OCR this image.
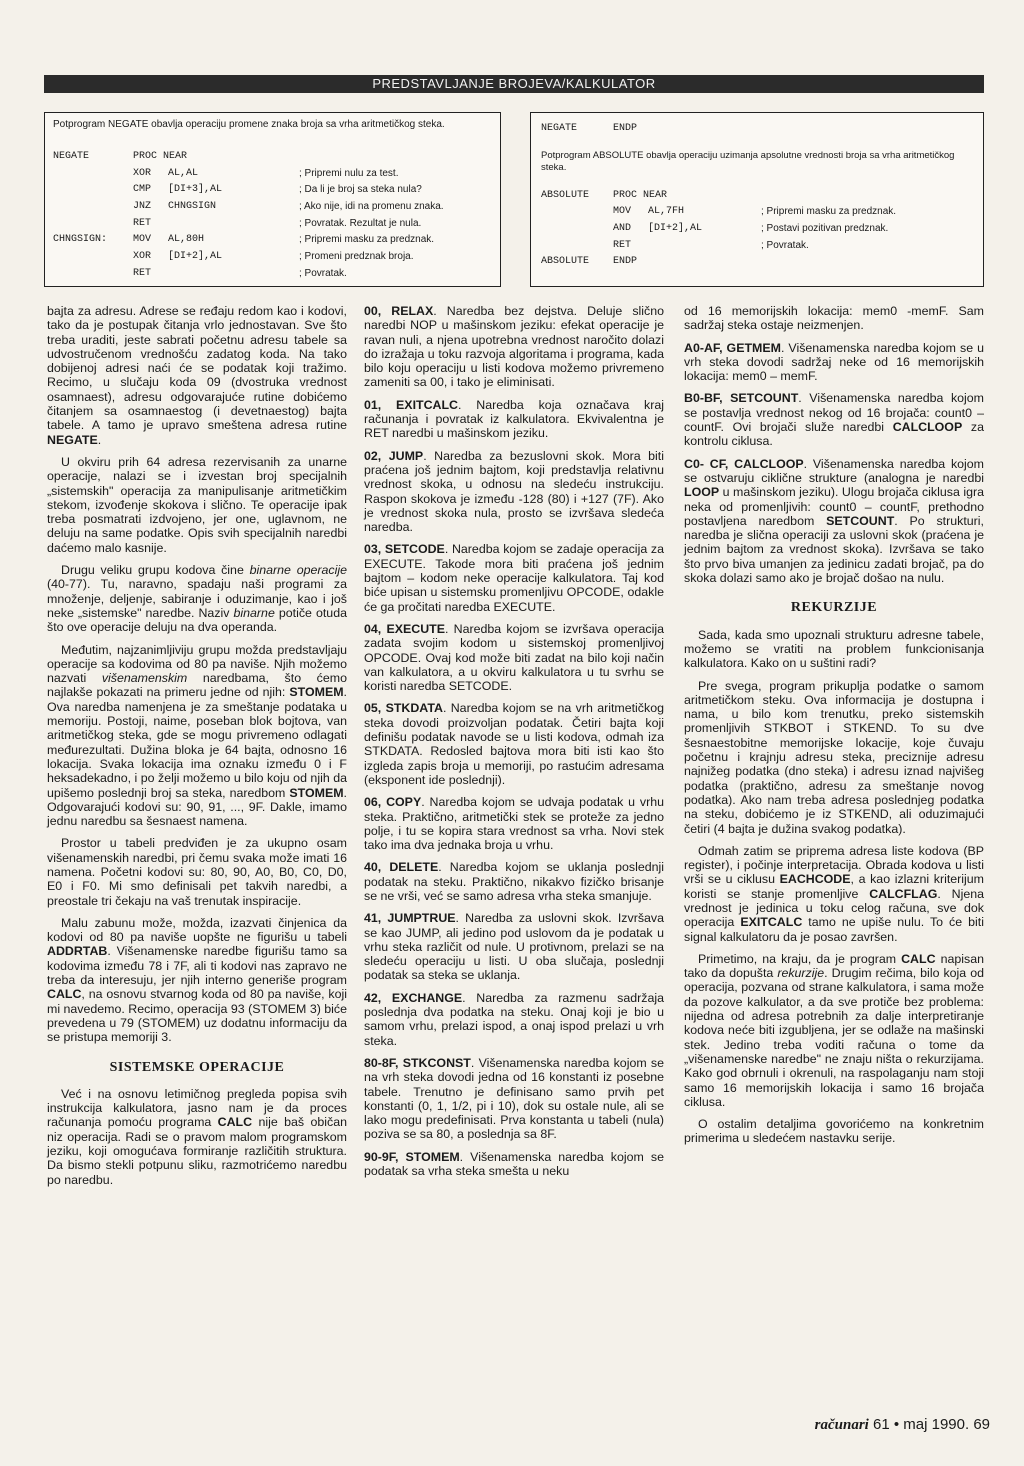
PREDSTAVLJANJE BROJEVA/KALKULATOR
Potprogram NEGATE obavlja operaciju promene znaka broja sa vrha aritmetičkog steka.
NEGATE	PROC NEAR
XOR AL,AL	; Pripremi nulu za test.
CMP [DI+3],AL	; Da li je broj sa steka nula?
JNZ CHNGSIGN	; Ako nije, idi na promenu znaka.
RET	; Povratak. Rezultat je nula.
CHNGSIGN:	MOV AL,80H	; Pripremi masku za predznak.
XOR [DI+2],AL	; Promeni predznak broja.
RET	; Povratak.
NEGATE	ENDP
Potprogram ABSOLUTE obavlja operaciju uzimanja apsolutne vrednosti broja sa vrha aritmetičkog steka.
ABSOLUTE PROC NEAR
MOV AL,7FH	; Pripremi masku za predznak.
AND [DI+2],AL	; Postavi pozitivan predznak.
RET	; Povratak.
ABSOLUTE ENDP

bajta za adresu. Adrese se ređaju redom kao i kodovi, tako da je postupak čitanja vrlo jednostavan. Sve što treba uraditi, jeste sabrati početnu adresu tabele sa udvostručenom vrednošću zadatog koda. Na tako dobijenoj adresi naći će se podatak koji tražimo. Recimo, u slučaju koda 09 (dvostruka vrednost osamnaest), adresu odgovarajuće rutine dobićemo čitanjem sa osamnaestog (i devetnaestog) bajta tabele. A tamo je upravo smeštena adresa rutine NEGATE.

U okviru prih 64 adresa rezervisanih za unarne operacije, nalazi se i izvestan broj specijalnih „sistemskih" operacija za manipulisanje aritmetičkim stekom, izvođenje skokova i slično. Te operacije ipak treba posmatrati izdvojeno, jer one, uglavnom, ne deluju na same podatke. Opis svih specijalnih naredbi daćemo malo kasnije.

Drugu veliku grupu kodova čine binarne operacije (40-77). Tu, naravno, spadaju naši programi za množenje, deljenje, sabiranje i oduzimanje, kao i još neke „sistemske" naredbe. Naziv binarne potiče otuda što ove operacije deluju na dva operanda.

Međutim, najzanimljiviju grupu možda predstavljaju operacije sa kodovima od 80 pa naviše. Njih možemo nazvati višenamenskim naredbama, što ćemo najlakše pokazati na primeru jedne od njih: STOMEM. Ova naredba namenjena je za smeštanje podataka u memoriju. Postoji, naime, poseban blok bojtova, van aritmetičkog steka, gde se mogu privremeno odlagati međurezultati. Dužina bloka je 64 bajta, odnosno 16 lokacija. Svaka lokacija ima oznaku između 0 i F heksadekadno, i po želji možemo u bilo koju od njih da upišemo poslednji broj sa steka, naredbom STOMEM. Odgovarajući kodovi su: 90, 91, ..., 9F. Dakle, imamo jednu naredbu sa šesnaest namena.

Prostor u tabeli predviđen je za ukupno osam višenamenskih naredbi, pri čemu svaka može imati 16 namena. Početni kodovi su: 80, 90, A0, B0, C0, D0, E0 i F0. Mi smo definisali pet takvih naredbi, a preostale tri čekaju na vaš trenutak inspiracije.

Malu zabunu može, možda, izazvati činjenica da kodovi od 80 pa naviše uopšte ne figurišu u tabeli ADDRTAB. Višenamenske naredbe figurišu tamo sa kodovima između 78 i 7F, ali ti kodovi nas zapravo ne treba da interesuju, jer njih interno generiše program CALC, na osnovu stvarnog koda od 80 pa naviše, koji mi navedemo. Recimo, operacija 93 (STOMEM 3) biće prevedena u 79 (STOMEM) uz dodatnu informaciju da se pristupa memoriji 3.

SISTEMSKE OPERACIJE

Već i na osnovu letimičnog pregleda popisa svih instrukcija kalkulatora, jasno nam je da proces računanja pomoću programa CALC nije baš običan niz operacija. Radi se o pravom malom programskom jeziku, koji omogućava formiranje različitih struktura. Da bismo stekli potpunu sliku, razmotrićemo naredbu po naredbu.

00, RELAX. Naredba bez dejstva. Deluje slično naredbi NOP u mašinskom jeziku: efekat operacije je ravan nuli, a njena upotrebna vrednost naročito dolazi do izražaja u toku razvoja algoritama i programa, kada bilo koju operaciju u listi kodova možemo privremeno zameniti sa 00, i tako je eliminisati.

01, EXITCALC. Naredba koja označava kraj računanja i povratak iz kalkulatora. Ekvivalentna je RET naredbi u mašinskom jeziku.

02, JUMP. Naredba za bezuslovni skok. Mora biti praćena još jednim bajtom, koji predstavlja relativnu vrednost skoka, u odnosu na sledeću instrukciju. Raspon skokova je između -128 (80) i +127 (7F). Ako je vrednost skoka nula, prosto se izvršava sledeća naredba.

03, SETCODE. Naredba kojom se zadaje operacija za EXECUTE. Takode mora biti praćena još jednim bajtom – kodom neke operacije kalkulatora. Taj kod biće upisan u sistemsku promenljivu OPCODE, odakle će ga pročitati naredba EXECUTE.

04, EXECUTE. Naredba kojom se izvršava operacija zadata svojim kodom u sistemskoj promenljivoj OPCODE. Ovaj kod može biti zadat na bilo koji način van kalkulatora, a u okviru kalkulatora u tu svrhu se koristi naredba SETCODE.

05, STKDATA. Naredba kojom se na vrh aritmetičkog steka dovodi proizvoljan podatak. Četiri bajta koji definišu podatak navode se u listi kodova, odmah iza STKDATA. Redosled bajtova mora biti isti kao što izgleda zapis broja u memoriji, po rastućim adresama (eksponent ide poslednji).

06, COPY. Naredba kojom se udvaja podatak u vrhu steka. Praktično, aritmetički stek se proteže za jedno polje, i tu se kopira stara vrednost sa vrha. Novi stek tako ima dva jednaka broja u vrhu.

40, DELETE. Naredba kojom se uklanja poslednji podatak na steku. Praktično, nikakvo fizičko brisanje se ne vrši, već se samo adresa vrha steka smanjuje.

41, JUMPTRUE. Naredba za uslovni skok. Izvršava se kao JUMP, ali jedino pod uslovom da je podatak u vrhu steka različit od nule. U protivnom, prelazi se na sledeću operaciju u listi. U oba slučaja, poslednji podatak sa steka se uklanja.

42, EXCHANGE. Naredba za razmenu sadržaja poslednja dva podatka na steku. Onaj koji je bio u samom vrhu, prelazi ispod, a onaj ispod prelazi u vrh steka.

80-8F, STKCONST. Višenamenska naredba kojom se na vrh steka dovodi jedna od 16 konstanti iz posebne tabele. Trenutno je definisano samo prvih pet konstanti (0, 1, 1/2, pi i 10), dok su ostale nule, ali se lako mogu predefinisati. Prva konstanta u tabeli (nula) poziva se sa 80, a poslednja sa 8F.

90-9F, STOMEM. Višenamenska naredba kojom se podatak sa vrha steka smešta u neku

od 16 memorijskih lokacija: mem0 -memF. Sam sadržaj steka ostaje neizmenjen.

A0-AF, GETMEM. Višenamenska naredba kojom se u vrh steka dovodi sadržaj neke od 16 memorijskih lokacija: mem0 – memF.

B0-BF, SETCOUNT. Višenamenska naredba kojom se postavlja vrednost nekog od 16 brojača: count0 – countF. Ovi brojači služe naredbi CALCLOOP za kontrolu ciklusa.

C0- CF, CALCLOOP. Višenamenska naredba kojom se ostvaruju ciklične strukture (analogna je naredbi LOOP u mašinskom jeziku). Ulogu brojača ciklusa igra neka od promenljivih: count0 – countF, prethodno postavljena naredbom SETCOUNT. Po strukturi, naredba je slična operaciji za uslovni skok (praćena je jednim bajtom za vrednost skoka). Izvršava se tako što prvo biva umanjen za jedinicu zadati brojač, pa do skoka dolazi samo ako je brojač došao na nulu.

REKURZIJE

Sada, kada smo upoznali strukturu adresne tabele, možemo se vratiti na problem funkcionisanja kalkulatora. Kako on u suštini radi?

Pre svega, program prikuplja podatke o samom aritmetičkom steku. Ova informacija je dostupna i nama, u bilo kom trenutku, preko sistemskih promenljivih STKBOT i STKEND. To su dve šesnaestobitne memorijske lokacije, koje čuvaju početnu i krajnju adresu steka, preciznije adresu najnižeg podatka (dno steka) i adresu iznad najvišeg podatka (praktično, adresu za smeštanje novog podatka). Ako nam treba adresa poslednjeg podatka na steku, dobićemo je iz STKEND, ali oduzimajući četiri (4 bajta je dužina svakog podatka).

Odmah zatim se pripremа adresa liste kodova (BP register), i počinje interpretacija. Obrada kodova u listi vrši se u ciklusu EACHCODE, a kao izlazni kriterijum koristi se stanje promenljive CALCFLAG. Njena vrednost je jedinica u toku celog računa, sve dok operacija EXITCALC tamo ne upiše nulu. To će biti signal kalkulatoru da je posao završen.

Primetimo, na kraju, da je program CALC napisan tako da dopušta rekurzije. Drugim rečima, bilo koja od operacija, pozvana od strane kalkulatora, i sama može da pozove kalkulator, a da sve protiče bez problema: nijedna od adresa potrebnih za dalje interpretiranje kodova neće biti izgubljena, jer se odlaže na mašinski stek. Jedino treba voditi računa o tome da „višenamenske naredbe" ne znaju ništa o rekurzijama. Kako god obrnuli i okrenuli, na raspolaganju nam stoji samo 16 memorijskih lokacija i samo 16 brojača ciklusa.

O ostalim detaljima govorićemo na konkretnim primerima u sledećem nastavku serije.

računari 61 • maj 1990. 69
